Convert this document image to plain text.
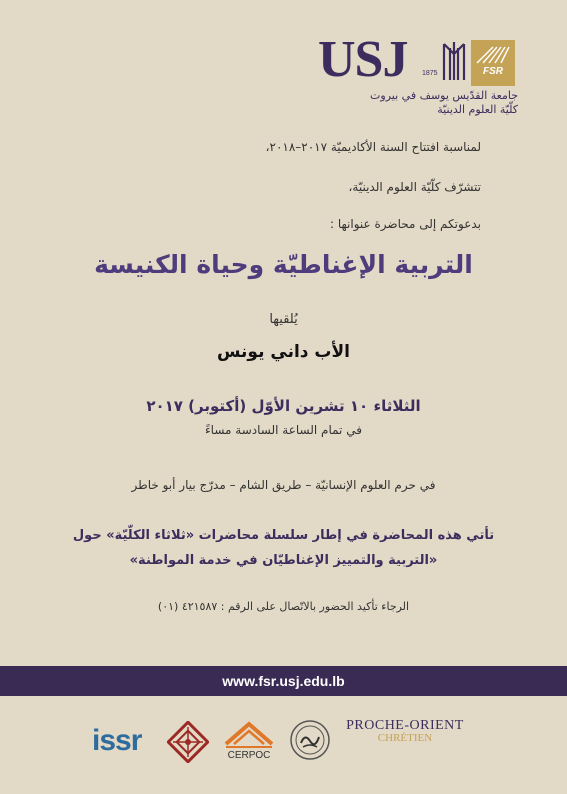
USJ 1875	FSR
جامعة القدّيس يوسف في بيروت
كلّيّة العلوم الدينيّة
لمناسبة افتتاح السنة الأكاديميّة ٢٠١٧–٢٠١٨،
تتشرّف كلّيّة العلوم الدينيّة،
بدعوتكم إلى محاضرة عنوانها :
التربية الإغناطيّة وحياة الكنيسة
يُلقيها
الأب داني يونس
الثلاثاء ١٠ تشرين الأوّل (أكتوبر) ٢٠١٧
في تمام الساعة السادسة مساءً
في حرم العلوم الإنسانيّة – طريق الشام – مدرّج بيار أبو خاطر
تأتي هذه المحاضرة في إطار سلسلة محاضرات «ثلاثاء الكلّيّة» حول
«التربية والتمييز الإغناطيّان في خدمة المواطنة»
الرجاء تأكيد الحضور بالاتّصال على الرقم : ٤٢١٥٨٧ (٠١)
www.fsr.usj.edu.lb
issr	CERPOC
PROCHE-ORIENT
CHRÉTIEN
